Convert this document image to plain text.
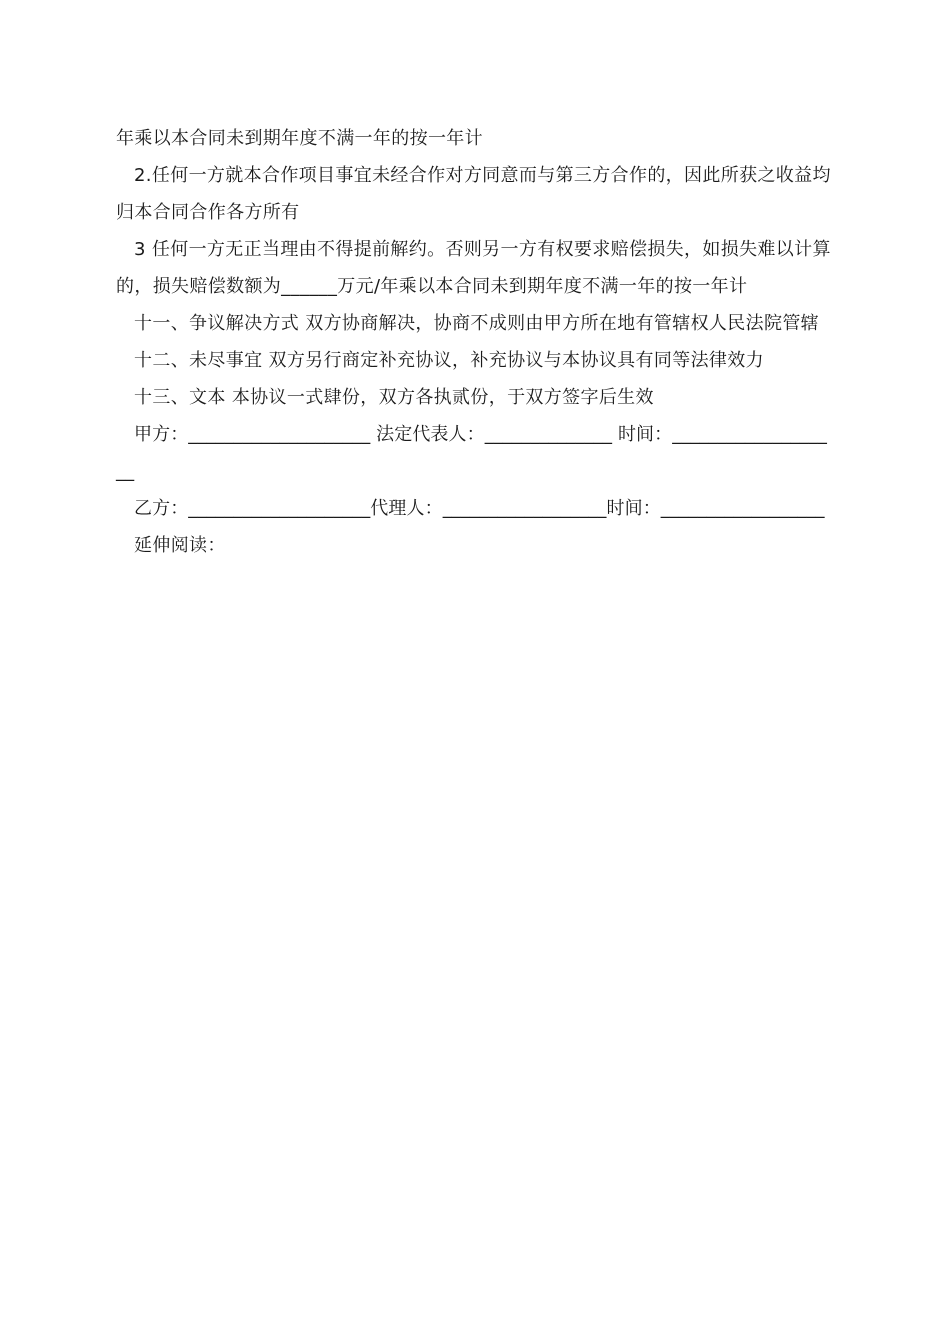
年乘以本合同未到期年度不满一年的按一年计

2.任何一方就本合作项目事宜未经合作对方同意而与第三方合作的，因此所获之收益均归本合同合作各方所有

3 任何一方无正当理由不得提前解约。否则另一方有权要求赔偿损失，如损失难以计算的，损失赔偿数额为______万元/年乘以本合同未到期年度不满一年的按一年计

十一、争议解决方式 双方协商解决，协商不成则由甲方所在地有管辖权人民法院管辖

十二、未尽事宜 双方另行商定补充协议，补充协议与本协议具有同等法律效力

十三、文本 本协议一式肆份，双方各执贰份，于双方签字后生效

甲方：____________________ 法定代表人：______________ 时间：___________________

乙方：____________________代理人：__________________时间：__________________

延伸阅读：
